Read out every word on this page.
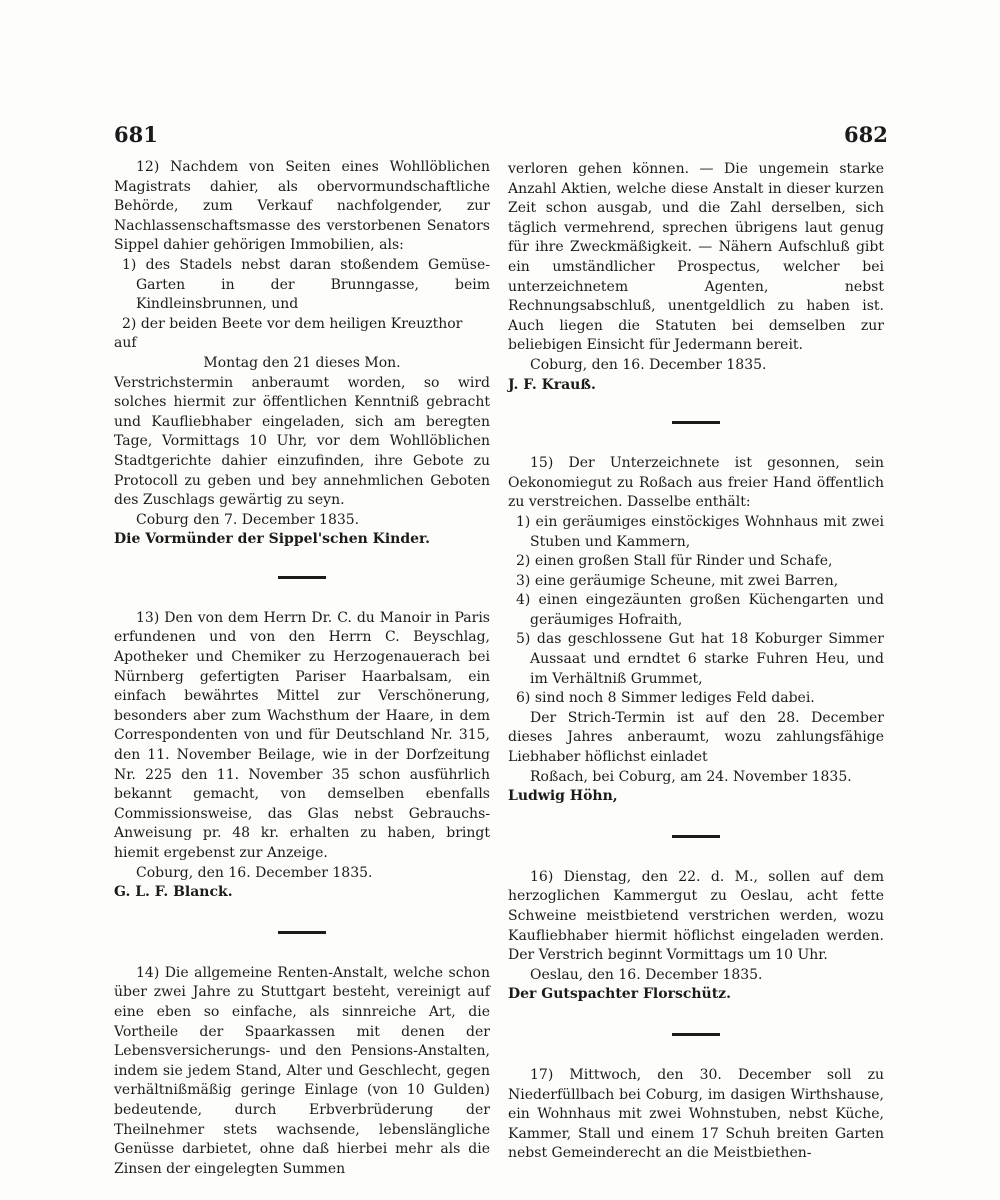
681	682

12) Nachdem von Seiten eines Wohllöblichen Magistrats dahier, als obervormundschaftliche Behörde, zum Verkauf nachfolgender, zur Nachlassenschaftsmasse des verstorbenen Senators Sippel dahier gehörigen Immobilien, als:

1) des Stadels nebst daran stoßendem Gemüse-Garten in der Brunngasse, beim Kindleinsbrunnen, und

2) der beiden Beete vor dem heiligen Kreuzthor

auf

Montag den 21 dieses Mon.

Verstrichstermin anberaumt worden, so wird solches hiermit zur öffentlichen Kenntniß gebracht und Kaufliebhaber eingeladen, sich am beregten Tage, Vormittags 10 Uhr, vor dem Wohllöblichen Stadtgerichte dahier einzufinden, ihre Gebote zu Protocoll zu geben und bey annehmlichen Geboten des Zuschlags gewärtig zu seyn.

Coburg den 7. December 1835.

Die Vormünder der Sippel'schen Kinder.

13) Den von dem Herrn Dr. C. du Manoir in Paris erfundenen und von den Herrn C. Beyschlag, Apotheker und Chemiker zu Herzogenauerach bei Nürnberg gefertigten Pariser Haarbalsam, ein einfach bewährtes Mittel zur Verschönerung, besonders aber zum Wachsthum der Haare, in dem Correspondenten von und für Deutschland Nr. 315, den 11. November Beilage, wie in der Dorfzeitung Nr. 225 den 11. November 35 schon ausführlich bekannt gemacht, von demselben ebenfalls Commissionsweise, das Glas nebst Gebrauchs-Anweisung pr. 48 kr. erhalten zu haben, bringt hiemit ergebenst zur Anzeige.

Coburg, den 16. December 1835.

G. L. F. Blanck.

14) Die allgemeine Renten-Anstalt, welche schon über zwei Jahre zu Stuttgart besteht, vereinigt auf eine eben so einfache, als sinnreiche Art, die Vortheile der Spaarkassen mit denen der Lebensversicherungs- und den Pensions-Anstalten, indem sie jedem Stand, Alter und Geschlecht, gegen verhältnißmäßig geringe Einlage (von 10 Gulden) bedeutende, durch Erbverbrüderung der Theilnehmer stets wachsende, lebenslängliche Genüsse darbietet, ohne daß hierbei mehr als die Zinsen der eingelegten Summen

verloren gehen können. — Die ungemein starke Anzahl Aktien, welche diese Anstalt in dieser kurzen Zeit schon ausgab, und die Zahl derselben, sich täglich vermehrend, sprechen übrigens laut genug für ihre Zweckmäßigkeit. — Nähern Aufschluß gibt ein umständlicher Prospectus, welcher bei unterzeichnetem Agenten, nebst Rechnungsabschluß, unentgeldlich zu haben ist. Auch liegen die Statuten bei demselben zur beliebigen Einsicht für Jedermann bereit.

Coburg, den 16. December 1835.

J. F. Krauß.

15) Der Unterzeichnete ist gesonnen, sein Oekonomiegut zu Roßach aus freier Hand öffentlich zu verstreichen. Dasselbe enthält:

1) ein geräumiges einstöckiges Wohnhaus mit zwei Stuben und Kammern,

2) einen großen Stall für Rinder und Schafe,

3) eine geräumige Scheune, mit zwei Barren,

4) einen eingezäunten großen Küchengarten und geräumiges Hofraith,

5) das geschlossene Gut hat 18 Koburger Simmer Aussaat und erndtet 6 starke Fuhren Heu, und im Verhältniß Grummet,

6) sind noch 8 Simmer lediges Feld dabei.

Der Strich-Termin ist auf den 28. December dieses Jahres anberaumt, wozu zahlungsfähige Liebhaber höflichst einladet

Roßach, bei Coburg, am 24. November 1835.

Ludwig Höhn,

16) Dienstag, den 22. d. M., sollen auf dem herzoglichen Kammergut zu Oeslau, acht fette Schweine meistbietend verstrichen werden, wozu Kaufliebhaber hiermit höflichst eingeladen werden. Der Verstrich beginnt Vormittags um 10 Uhr.

Oeslau, den 16. December 1835.

Der Gutspachter Florschütz.

17) Mittwoch, den 30. December soll zu Niederfüllbach bei Coburg, im dasigen Wirthshause, ein Wohnhaus mit zwei Wohnstuben, nebst Küche, Kammer, Stall und einem 17 Schuh breiten Garten nebst Gemeinderecht an die Meistbiethen-
